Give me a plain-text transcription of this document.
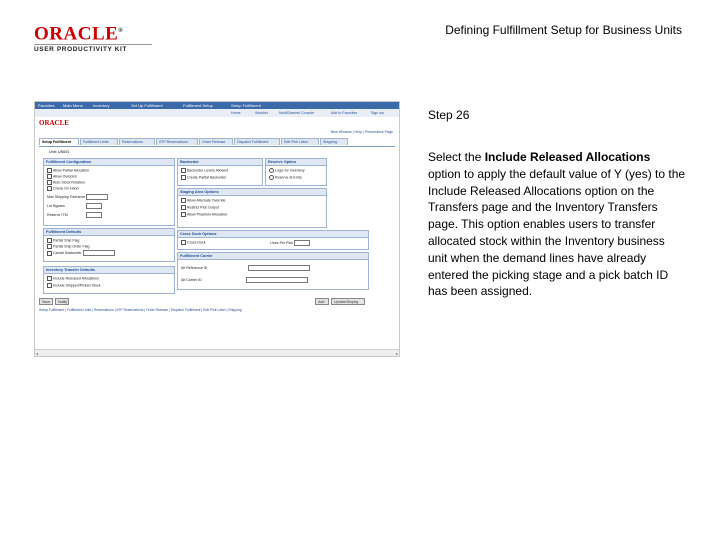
ORACLE®
USER PRODUCTIVITY KIT
Defining Fulfillment Setup for Business Units
Favorites Main Menu	Inventory	Set Up Fulfillment	Fulfillment Setup	Setup Fulfillment
Home	Worklist	MultiChannel Console	Add to Favorites	Sign out
ORACLE
New Window | Help | Personalize Page
Setup Fulfillment	Fulfillment Units	Reservations	ATP Reservations	Order Release	Dispatch Fulfillment	Edit Pick Label	Shipping
Unit: US001
Fulfillment Configuration
Allow Partial Allocation
Allow Overpick
Auto Stock Rotation
Check On Hand
Max Shipping Tolerance
Lot Bypass
Reserve ITM
Backorder
Backorder Levels Allowed
Create Partial Backorder
Reserve Option
Logic for Inventory
Reserve at Entry
Staging Area Options
Allow Alternate Override
Restrict Pick Output
Allow Phantom Allocation
Fulfillment Defaults
Partial Ship Flag
Partial Ship Order Flag
Cancel Backorder
Cross Dock Options
Cross Dock	Lines Per Pick
Fulfillment Carrier
Alt Reference ID
Alt Carrier ID
Inventory Transfer Defaults
Include Released Allocations
Include Shipped/Picked Stock
Save	Notify	Add	Update/Display
Setup Fulfillment | Fulfillment Units | Reservations | ATP Reservations | Order Release | Dispatch Fulfillment | Edit Pick Label | Shipping
◂	▸
Step 26
Select the Include Released Allocations option to apply the default value of Y (yes) to the Include Released Allocations option on the Transfers page and the Inventory Transfers page. This option enables users to transfer allocated stock within the Inventory business unit when the demand lines have already entered the picking stage and a pick batch ID has been assigned.
